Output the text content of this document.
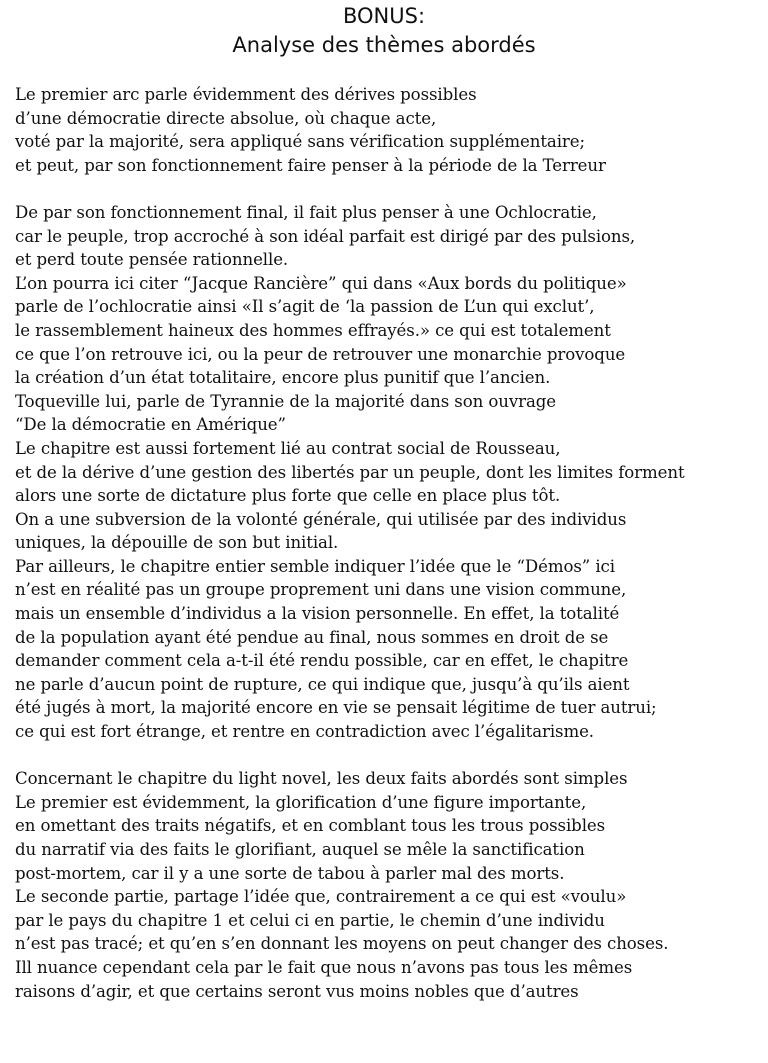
BONUS:
Analyse des thèmes abordés
Le premier arc parle évidemment des dérives possibles
d’une démocratie directe absolue, où chaque acte,
voté par la majorité, sera appliqué sans vérification supplémentaire;
et peut, par son fonctionnement faire penser à la période de la Terreur
De par son fonctionnement final, il fait plus penser à une Ochlocratie,
car le peuple, trop accroché à son idéal parfait est dirigé par des pulsions,
et perd toute pensée rationnelle.
L’on pourra ici citer “Jacque Rancière” qui dans «Aux bords du politique»
parle de l’ochlocratie ainsi «Il s’agit de ‘la passion de L’un qui exclut’,
le rassemblement haineux des hommes effrayés.» ce qui est totalement
ce que l’on retrouve ici, ou la peur de retrouver une monarchie provoque
la création d’un état totalitaire, encore plus punitif que l’ancien.
Toqueville lui, parle de Tyrannie de la majorité dans son ouvrage
“De la démocratie en Amérique”
Le chapitre est aussi fortement lié au contrat social de Rousseau,
et de la dérive d’une gestion des libertés par un peuple, dont les limites forment
alors une sorte de dictature plus forte que celle en place plus tôt.
On a une subversion de la volonté générale, qui utilisée par des individus
uniques, la dépouille de son but initial.
Par ailleurs, le chapitre entier semble indiquer l’idée que le “Démos” ici
n’est en réalité pas un groupe proprement uni dans une vision commune,
mais un ensemble d’individus a la vision personnelle. En effet, la totalité
de la population ayant été pendue au final, nous sommes en droit de se
demander comment cela a-t-il été rendu possible, car en effet, le chapitre
ne parle d’aucun point de rupture, ce qui indique que, jusqu’à qu’ils aient
été jugés à mort, la majorité encore en vie se pensait légitime de tuer autrui;
ce qui est fort étrange, et rentre en contradiction avec l’égalitarisme.
Concernant le chapitre du light novel, les deux faits abordés sont simples
Le premier est évidemment, la glorification d’une figure importante,
en omettant des traits négatifs, et en comblant tous les trous possibles
du narratif via des faits le glorifiant, auquel se mêle la sanctification
post-mortem, car il y a une sorte de tabou à parler mal des morts.
Le seconde partie, partage l’idée que, contrairement a ce qui est «voulu»
par le pays du chapitre 1 et celui ci en partie, le chemin d’une individu
n’est pas tracé; et qu’en s’en donnant les moyens on peut changer des choses.
Ill nuance cependant cela par le fait que nous n’avons pas tous les mêmes
raisons d’agir, et que certains seront vus moins nobles que d’autres
